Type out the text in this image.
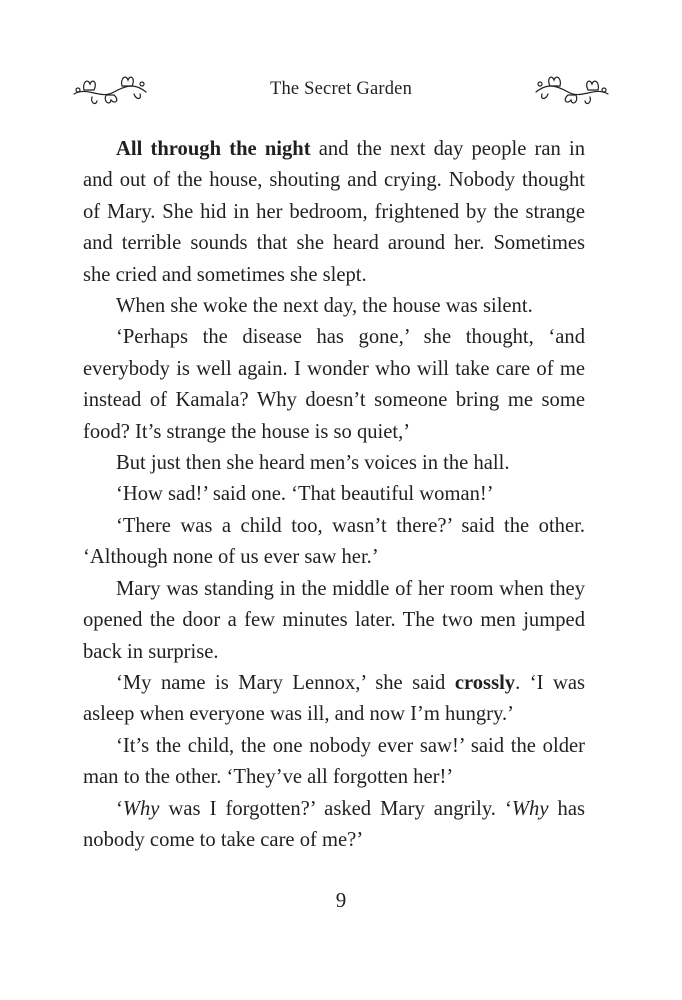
The Secret Garden

All through the night and the next day people ran in and out of the house, shouting and crying. Nobody thought of Mary. She hid in her bedroom, frightened by the strange and terrible sounds that she heard around her. Sometimes she cried and sometimes she slept.

When she woke the next day, the house was silent.

‘Perhaps the disease has gone,’ she thought, ‘and everybody is well again. I wonder who will take care of me instead of Kamala? Why doesn’t someone bring me some food? It’s strange the house is so quiet,’

But just then she heard men’s voices in the hall.

‘How sad!’ said one. ‘That beautiful woman!’

‘There was a child too, wasn’t there?’ said the other. ‘Although none of us ever saw her.’

Mary was standing in the middle of her room when they opened the door a few minutes later. The two men jumped back in surprise.

‘My name is Mary Lennox,’ she said crossly. ‘I was asleep when everyone was ill, and now I’m hungry.’

‘It’s the child, the one nobody ever saw!’ said the older man to the other. ‘They’ve all forgotten her!’

‘Why was I forgotten?’ asked Mary angrily. ‘Why has nobody come to take care of me?’

9
